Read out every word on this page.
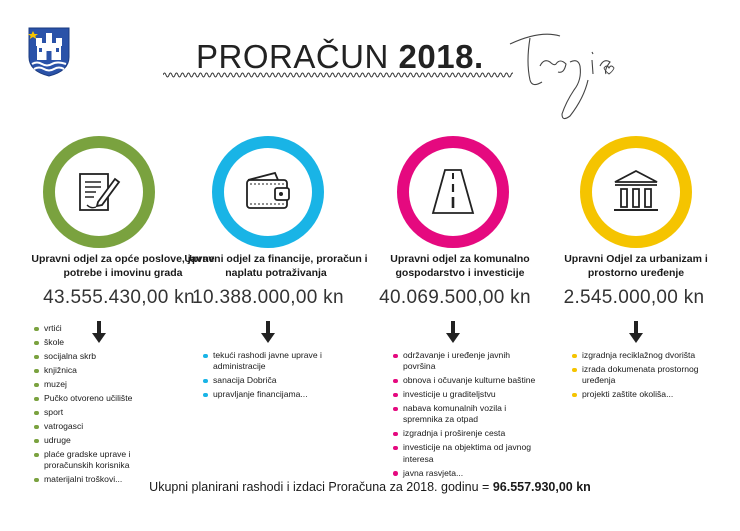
PRORAČUN 2018.
Upravni odjel za opće poslove, javne potrebe i imovinu grada
43.555.430,00 kn
vrtići
škole
socijalna skrb
knjižnica
muzej
Pučko otvoreno učilište
sport
vatrogasci
udruge
plaće gradske uprave i proračunskih korisnika
materijalni troškovi...
Upravni odjel za financije, proračun i naplatu potraživanja
10.388.000,00 kn
tekući rashodi javne uprave i administracije
sanacija Dobriča
upravljanje financijama...
Upravni odjel za komunalno gospodarstvo i investicije
40.069.500,00 kn
održavanje i uređenje javnih površina
obnova i očuvanje kulturne baštine
investicije u graditeljstvu
nabava komunalnih vozila i spremnika za otpad
izgradnja i proširenje cesta
investicije na objektima od javnog interesa
javna rasvjeta...
Upravni Odjel za urbanizam i prostorno uređenje
2.545.000,00 kn
izgradnja reciklažnog dvorišta
izrada dokumenata prostornog uređenja
projekti zaštite okoliša...
Ukupni planirani rashodi i izdaci Proračuna za 2018. godinu = 96.557.930,00 kn
